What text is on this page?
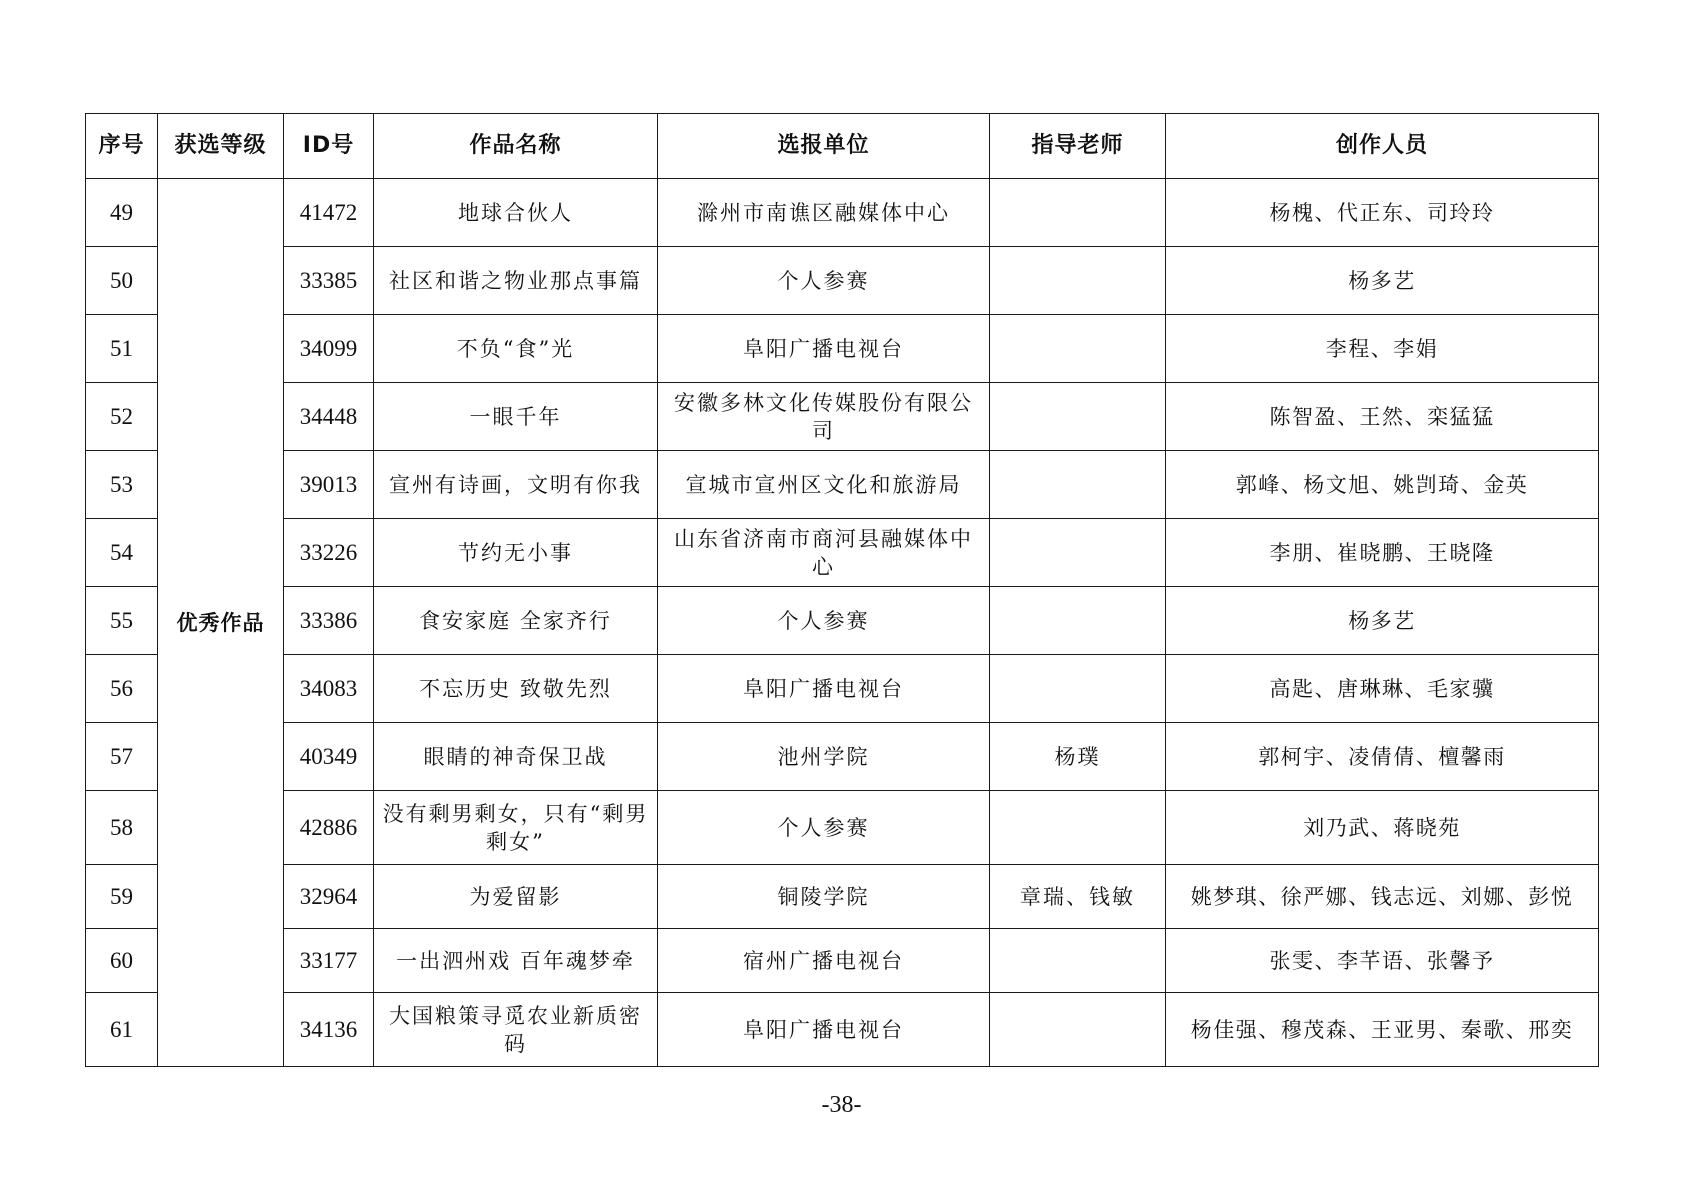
序号	获选等级	ID号	作品名称	选报单位	指导老师	创作人员
49	优秀作品	41472	地球合伙人	滁州市南谯区融媒体中心		杨槐、代正东、司玲玲
50		33385	社区和谐之物业那点事篇	个人参赛		杨多艺
51		34099	不负“食”光	阜阳广播电视台		李程、李娟
52		34448	一眼千年	安徽多林文化传媒股份有限公司		陈智盈、王然、栾猛猛
53		39013	宣州有诗画，文明有你我	宣城市宣州区文化和旅游局		郭峰、杨文旭、姚剀琦、金英
54		33226	节约无小事	山东省济南市商河县融媒体中心		李朋、崔晓鹏、王晓隆
55		33386	食安家庭 全家齐行	个人参赛		杨多艺
56		34083	不忘历史 致敬先烈	阜阳广播电视台		高匙、唐琳琳、毛家骥
57		40349	眼睛的神奇保卫战	池州学院	杨璞	郭柯宇、凌倩倩、檀馨雨
58		42886	没有剩男剩女，只有“剩男剩女”	个人参赛		刘乃武、蒋晓苑
59		32964	为爱留影	铜陵学院	章瑞、钱敏	姚梦琪、徐严娜、钱志远、刘娜、彭悦
60		33177	一出泗州戏 百年魂梦牵	宿州广播电视台		张雯、李芊语、张馨予
61		34136	大国粮策寻觅农业新质密码	阜阳广播电视台		杨佳强、穆茂森、王亚男、秦歌、邢奕
-38-
